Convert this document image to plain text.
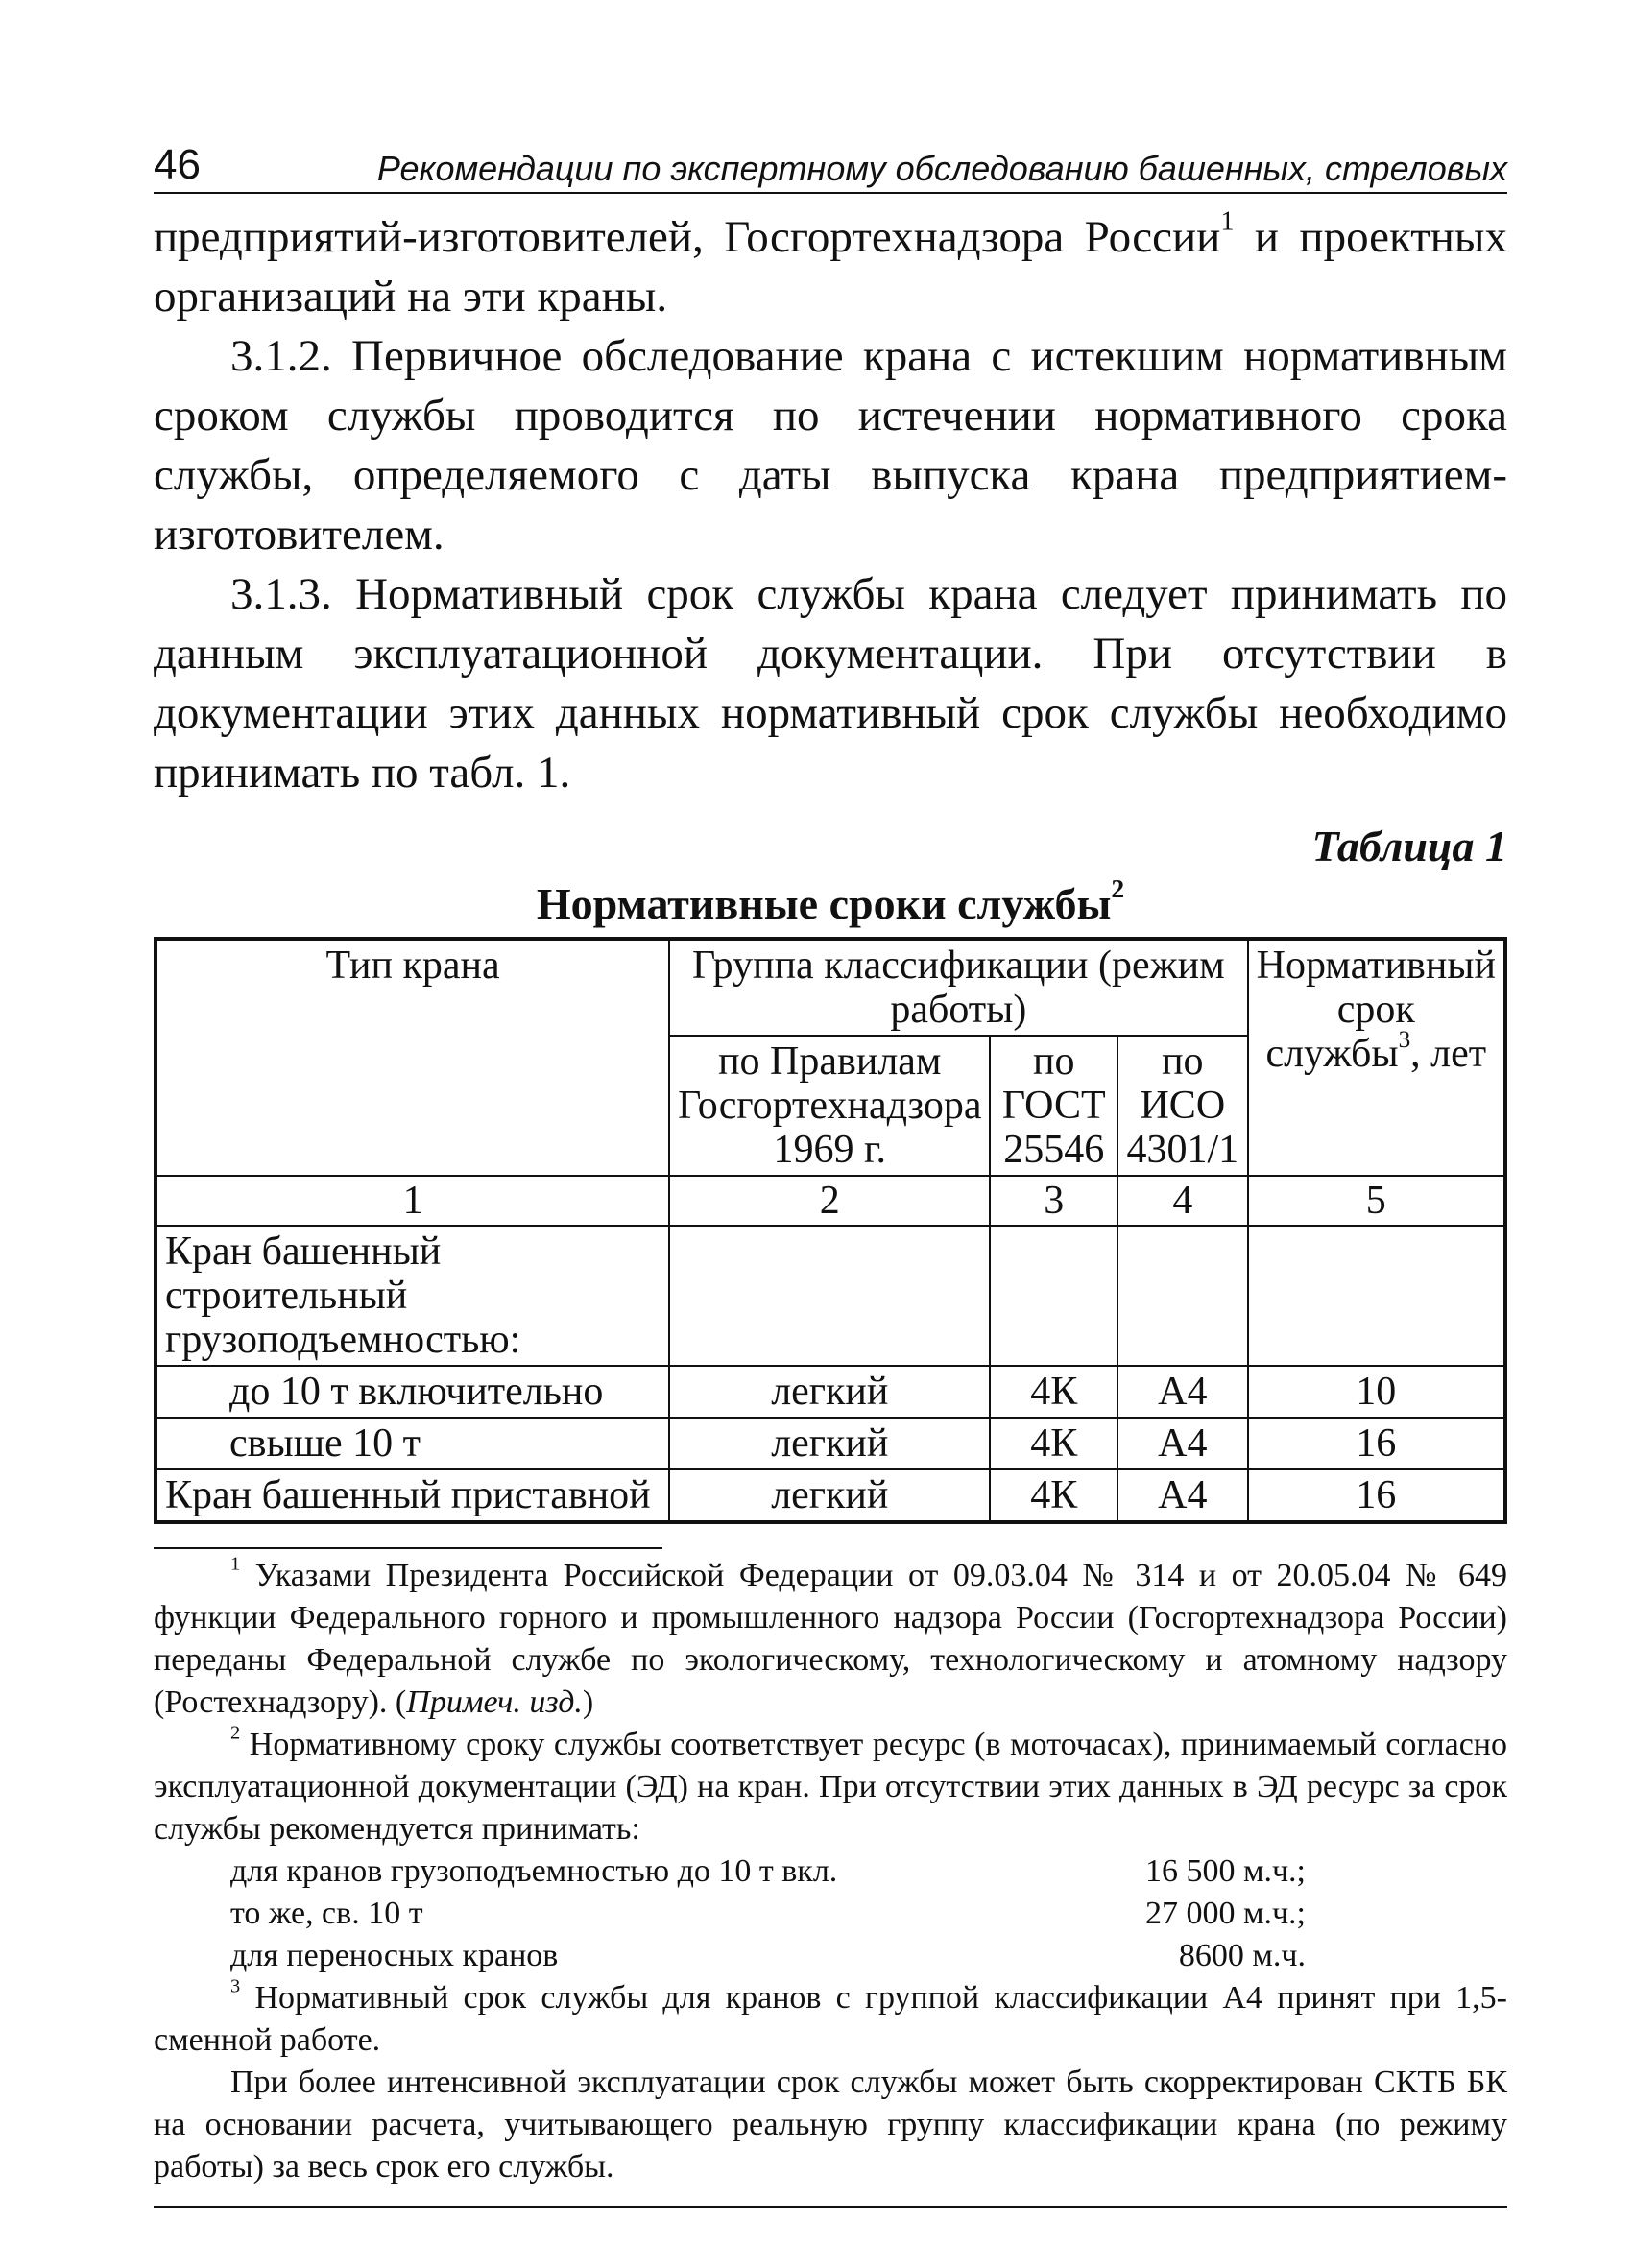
46	Рекомендации по экспертному обследованию башенных, стреловых

предприятий-изготовителей, Госгортехнадзора России$^1$ и проектных организаций на эти краны.

3.1.2. Первичное обследование крана с истекшим нормативным сроком службы проводится по истечении нормативного срока службы, определяемого с даты выпуска крана предприятием-изготовителем.

3.1.3. Нормативный срок службы крана следует принимать по данным эксплуатационной документации. При отсутствии в документации этих данных нормативный срок службы необходимо принимать по табл. 1.

Таблица 1
Нормативные сроки службы$^2$
Тип крана	Группа классификации (режим работы)			Нормативный срок службы$^3$, лет
	по Правилам Госгортехнадзора 1969 г.	по ГОСТ 25546	по ИСО 4301/1	
1	2	3	4	5
Кран башенный строительный грузоподъемностью:				
до 10 т включительно	легкий	4К	А4	10
свыше 10 т	легкий	4К	А4	16
Кран башенный приставной	легкий	4К	А4	16

$^1$ Указами Президента Российской Федерации от 09.03.04 № 314 и от 20.05.04 № 649 функции Федерального горного и промышленного надзора России (Госгортехнадзора России) переданы Федеральной службе по экологическому, технологическому и атомному надзору (Ростехнадзору). (Примеч. изд.)

$^2$ Нормативному сроку службы соответствует ресурс (в моточасах), принимаемый согласно эксплуатационной документации (ЭД) на кран. При отсутствии этих данных в ЭД ресурс за срок службы рекомендуется принимать:

для кранов грузоподъемностью до 10 т вкл.	16 500 м.ч.;
то же, св. 10 т	27 000 м.ч.;
для переносных кранов	8600 м.ч.

$^3$ Нормативный срок службы для кранов с группой классификации А4 принят при 1,5-сменной работе.

При более интенсивной эксплуатации срок службы может быть скорректирован СКТБ БК на основании расчета, учитывающего реальную группу классификации крана (по режиму работы) за весь срок его службы.
